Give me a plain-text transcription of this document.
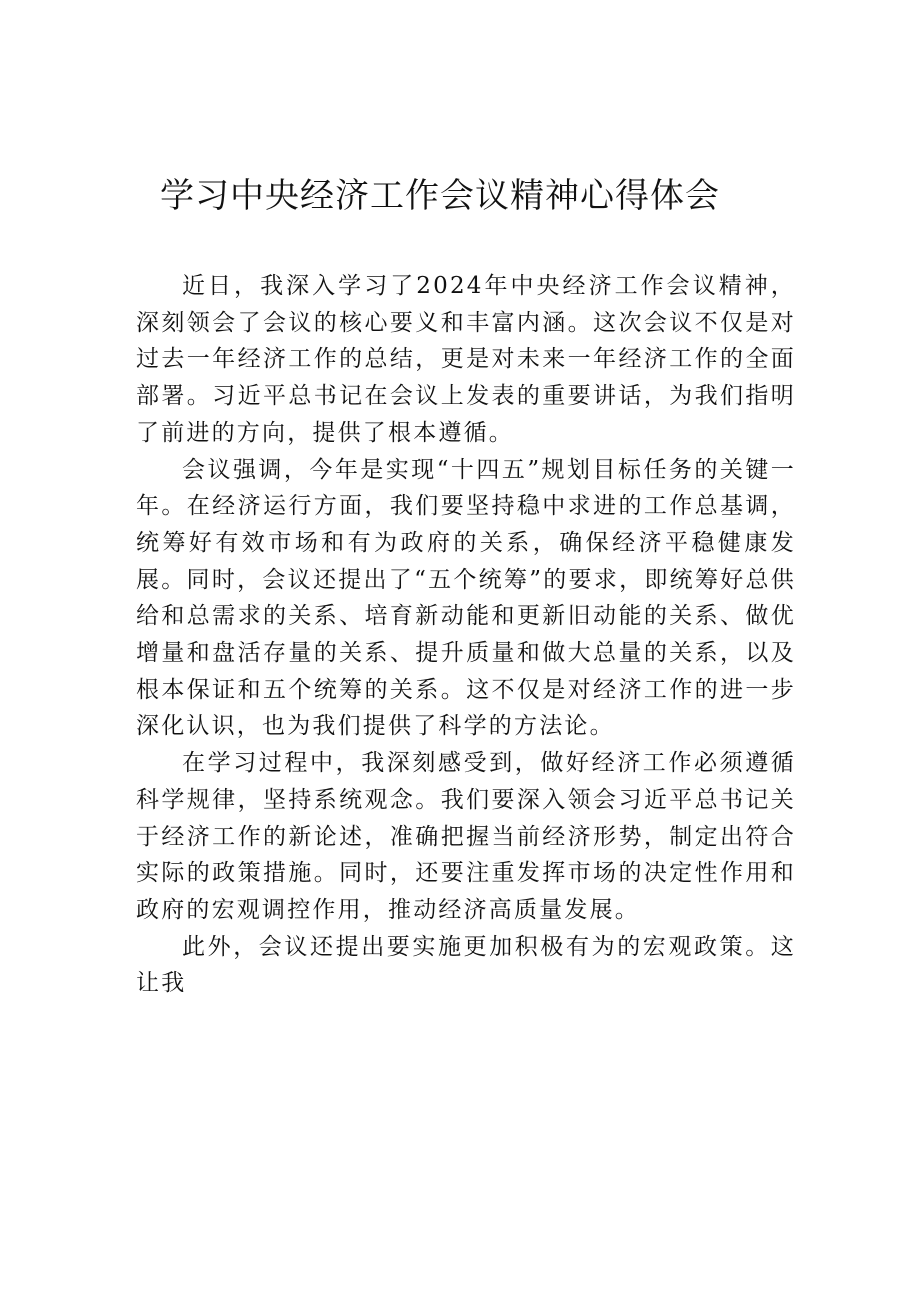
学习中央经济工作会议精神心得体会

近日，我深入学习了2024年中央经济工作会议精神，深刻领会了会议的核心要义和丰富内涵。这次会议不仅是对过去一年经济工作的总结，更是对未来一年经济工作的全面部署。习近平总书记在会议上发表的重要讲话，为我们指明了前进的方向，提供了根本遵循。

会议强调，今年是实现“十四五”规划目标任务的关键一年。在经济运行方面，我们要坚持稳中求进的工作总基调，统筹好有效市场和有为政府的关系，确保经济平稳健康发展。同时，会议还提出了“五个统筹”的要求，即统筹好总供给和总需求的关系、培育新动能和更新旧动能的关系、做优增量和盘活存量的关系、提升质量和做大总量的关系，以及根本保证和五个统筹的关系。这不仅是对经济工作的进一步深化认识，也为我们提供了科学的方法论。

在学习过程中，我深刻感受到，做好经济工作必须遵循科学规律，坚持系统观念。我们要深入领会习近平总书记关于经济工作的新论述，准确把握当前经济形势，制定出符合实际的政策措施。同时，还要注重发挥市场的决定性作用和政府的宏观调控作用，推动经济高质量发展。

此外，会议还提出要实施更加积极有为的宏观政策。这让我
